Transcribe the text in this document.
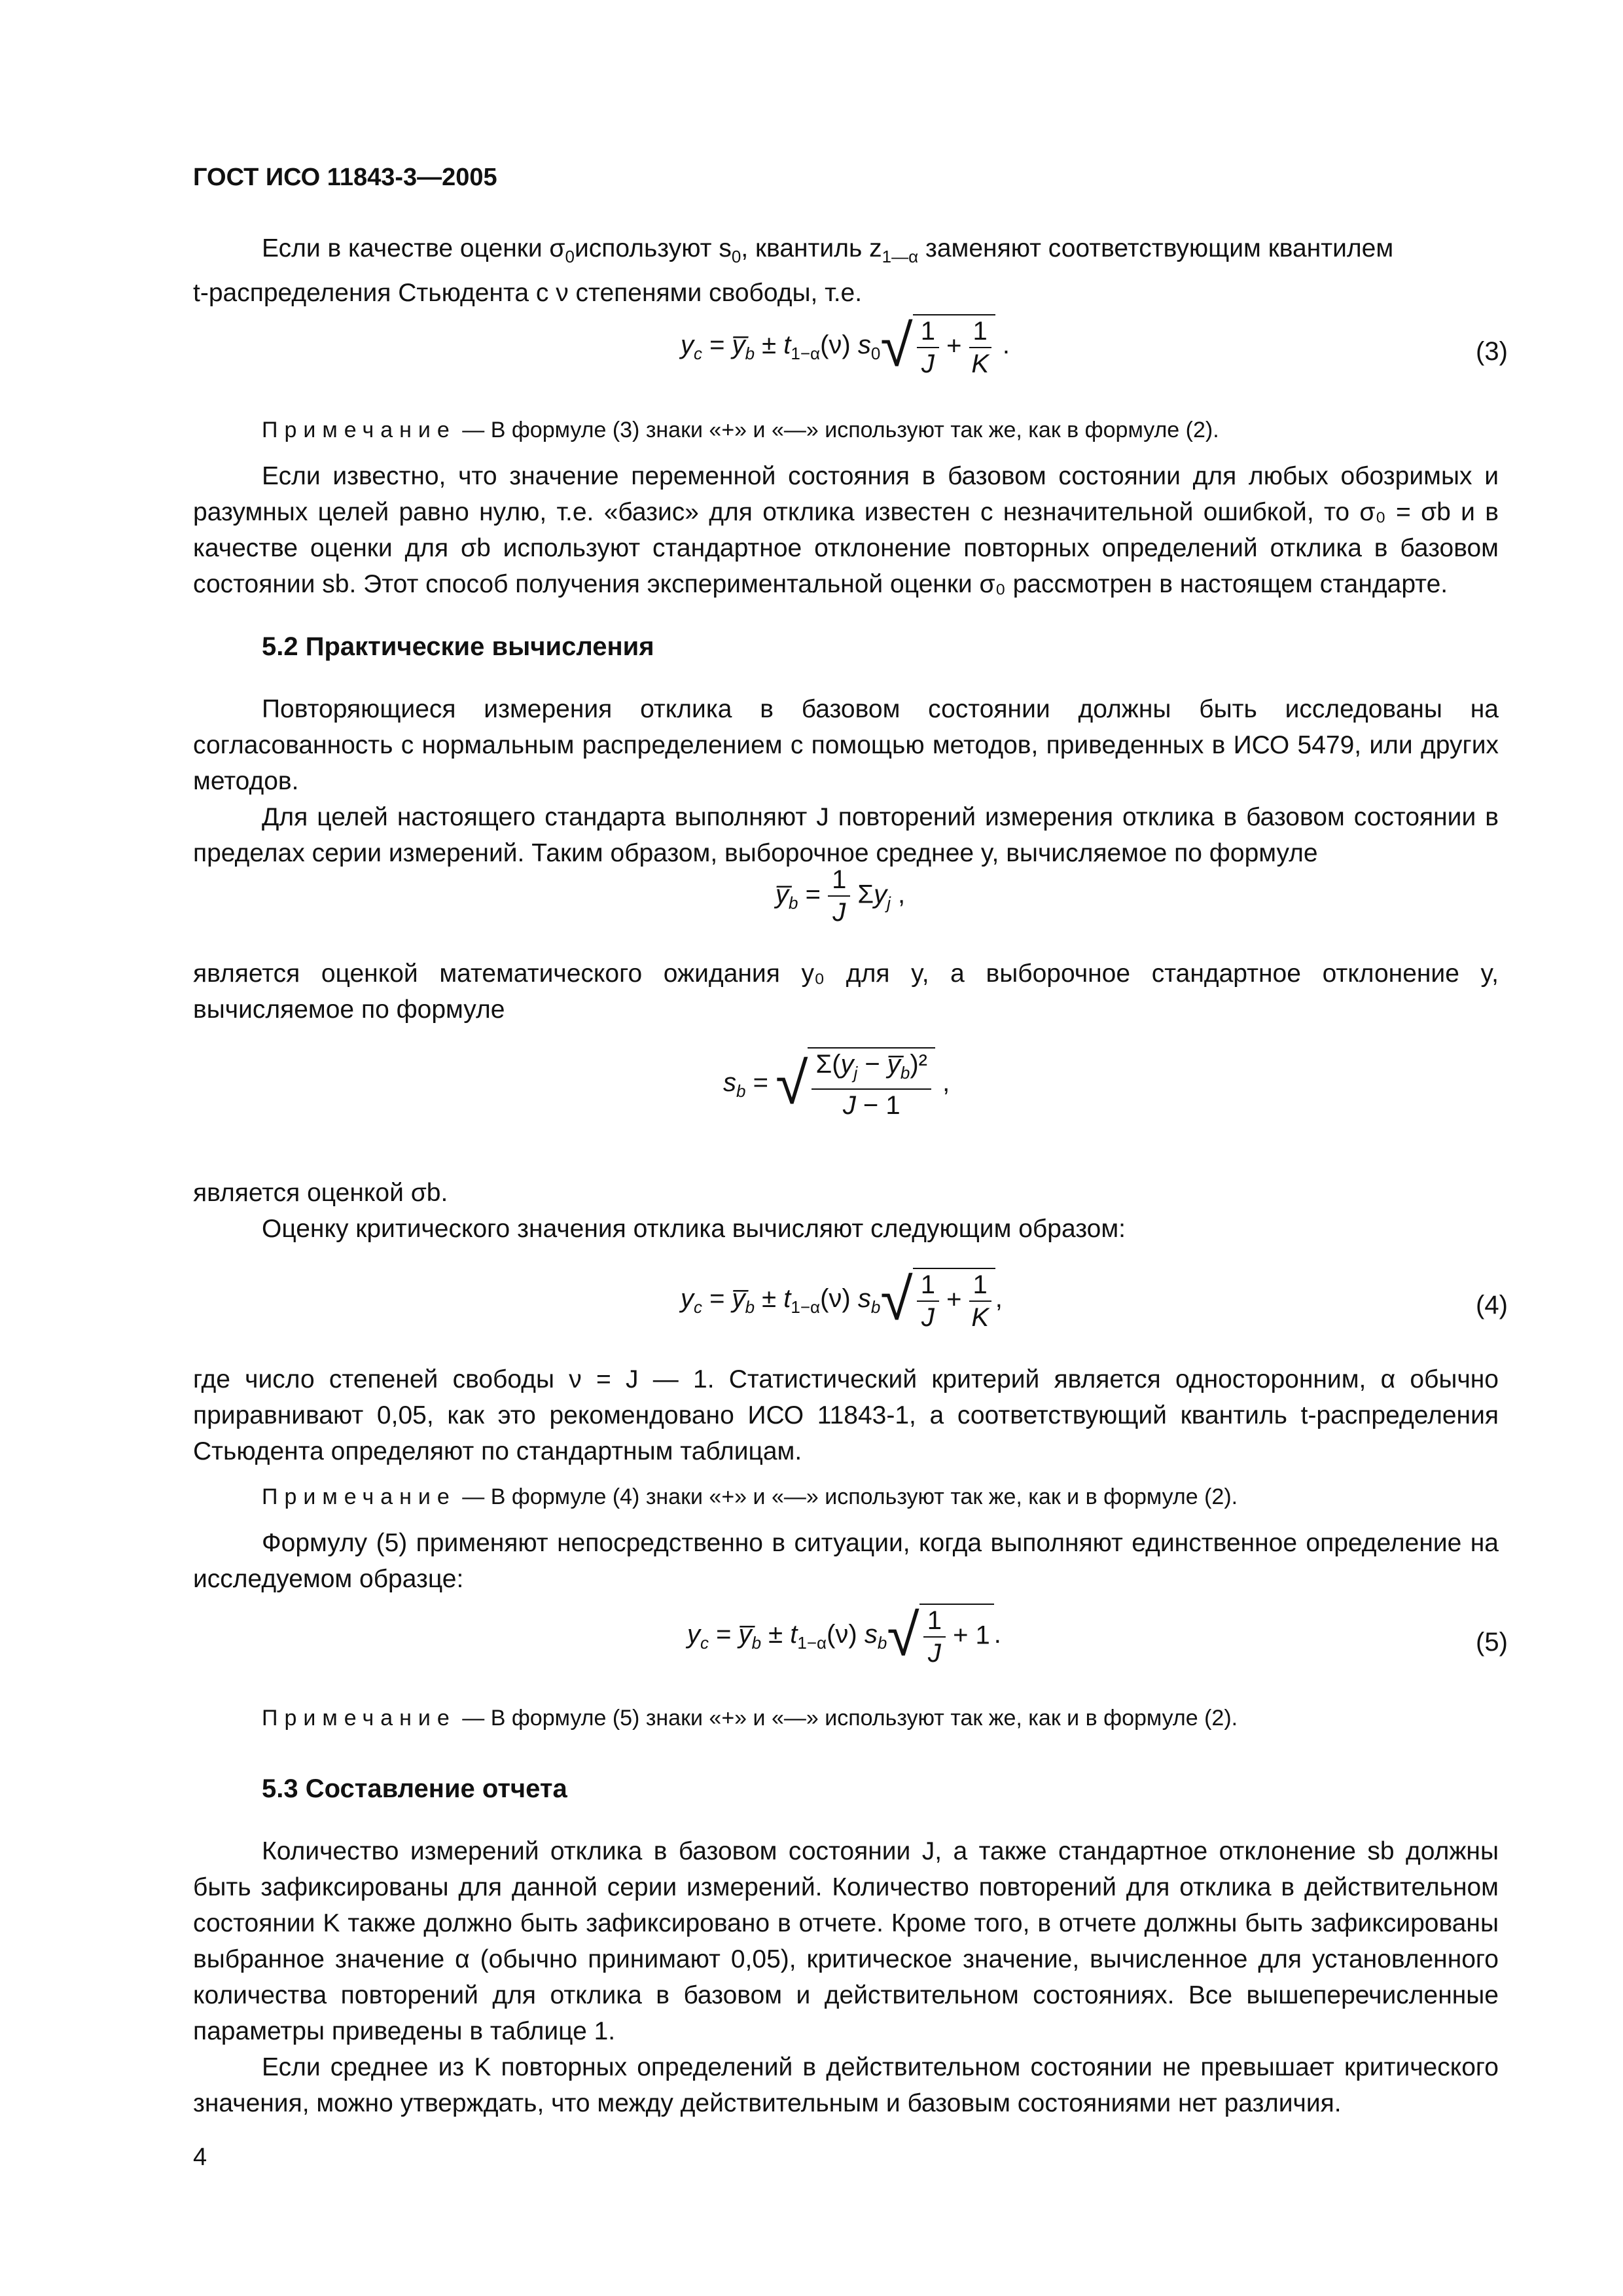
ГОСТ ИСО 11843-3—2005

Если в качестве оценки $\sigma_0используют$ $s_0$, квантиль $z_{1—\alpha}$ заменяют соответствующим квантилем

t-распределения Стьюдента с ν степенями свободы, т.е.

$y_c$ = $y̅_b \pm t_{1-\alpha}(\nu)$ $s_0√ \frac{1}{J} + \frac{1}{K}$ .	(3)
Примечание — В формуле (3) знаки «+» и «—» используют так же, как в формуле (2).

Если известно, что значение переменной состояния в базовом состоянии для любых обозримых и разумных целей равно нулю, т.е. «базис» для отклика известен с незначительной ошибкой, то σ₀ = σb и в качестве оценки для σb используют стандартное отклонение повторных определений отклика в базовом состоянии sb. Этот способ получения экспериментальной оценки σ₀ рассмотрен в настоящем стандарте.

5.2 Практические вычисления

Повторяющиеся измерения отклика в базовом состоянии должны быть исследованы на согласованность с нормальным распределением с помощью методов, приведенных в ИСО 5479, или других методов.

Для целей настоящего стандарта выполняют J повторений измерения отклика в базовом состоянии в пределах серии измерений. Таким образом, выборочное среднее y, вычисляемое по формуле

$y̅_b = \frac{1}{J} \Sigma y_j$ ,

является оценкой математического ожидания y₀ для y, а выборочное стандартное отклонение y, вычисляемое по формуле

$s_b$ = √ $\frac{\Sigma(y_j - y̅_b)^2}{J - 1}$ ,

является оценкой σb.

Оценку критического значения отклика вычисляют следующим образом:

$y_c$ = $y̅_b \pm t_{1-\alpha}(\nu)$ $s_b√ \frac{1}{J} + \frac{1}{K}$ ,	(4)

где число степеней свободы ν = J — 1. Статистический критерий является односторонним, α обычно приравнивают 0,05, как это рекомендовано ИСО 11843-1, а соответствующий квантиль t-распределения Стьюдента определяют по стандартным таблицам.

Примечание — В формуле (4) знаки «+» и «—» используют так же, как и в формуле (2).

Формулу (5) применяют непосредственно в ситуации, когда выполняют единственное определение на исследуемом образце:

$y_c$ = $y̅_b \pm t_{1-\alpha}(\nu)$ $s_b√ \frac{1}{J} + 1$ .	(5)
Примечание — В формуле (5) знаки «+» и «—» используют так же, как и в формуле (2).

5.3 Составление отчета

Количество измерений отклика в базовом состоянии J, а также стандартное отклонение sb должны быть зафиксированы для данной серии измерений. Количество повторений для отклика в действительном состоянии K также должно быть зафиксировано в отчете. Кроме того, в отчете должны быть зафиксированы выбранное значение α (обычно принимают 0,05), критическое значение, вычисленное для установленного количества повторений для отклика в базовом и действительном состояниях. Все вышеперечисленные параметры приведены в таблице 1.

Если среднее из K повторных определений в действительном состоянии не превышает критического значения, можно утверждать, что между действительным и базовым состояниями нет различия.

4
